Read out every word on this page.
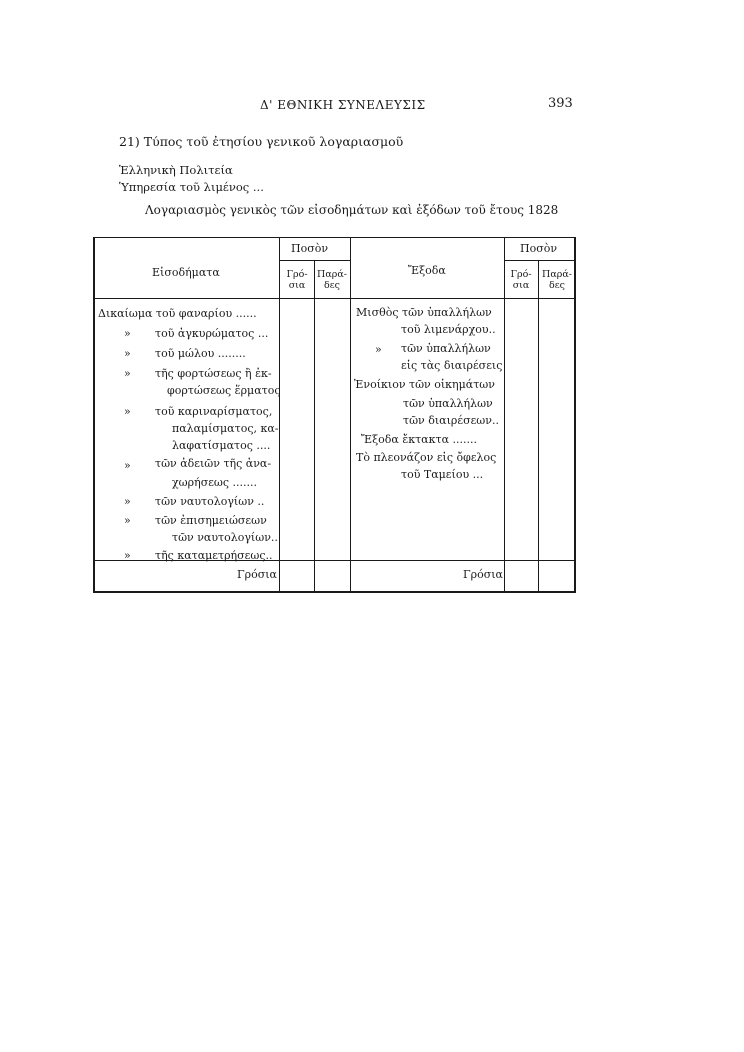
Δ' ΕΘΝΙΚΗ ΣΥΝΕΛΕΥΣΙΣ	393
21) Τύπος τοῦ ἐτησίου γενικοῦ λογαριασμοῦ
Ἑλληνικὴ Πολιτεία
Ὑπηρεσία τοῦ λιμένος ...
Λογαριασμὸς γενικὸς τῶν εἰσοδημάτων καὶ ἐξόδων τοῦ ἔτους 1828
Εἰσοδήματα
Ποσὸν
Γρό-
σια
Παρά-
δες
Ἔξοδα
Ποσὸν
Γρό-
σια
Παρά-
δες
Δικαίωμα τοῦ φαναρίου ......
» τοῦ ἀγκυρώματος ...
» τοῦ μώλου ........
» τῆς φορτώσεως ἢ ἐκ-
φορτώσεως ἕρματος
» τοῦ καριναρίσματος,
παλαμίσματος, κα-
λαφατίσματος ....
» τῶν ἀδειῶν τῆς ἀνα-
χωρήσεως .......
» τῶν ναυτολογίων ..
» τῶν ἐπισημειώσεων
τῶν ναυτολογίων..
» τῆς καταμετρήσεως..
Μισθὸς τῶν ὑπαλλήλων
τοῦ λιμενάρχου..
» τῶν ὑπαλλήλων
εἰς τὰς διαιρέσεις
Ἐνοίκιον τῶν οἰκημάτων
τῶν ὑπαλλήλων
τῶν διαιρέσεων..
Ἔξοδα ἔκτακτα .......
Τὸ πλεονάζον εἰς ὄφελος
τοῦ Ταμείου ...
Γρόσια	Γρόσια
